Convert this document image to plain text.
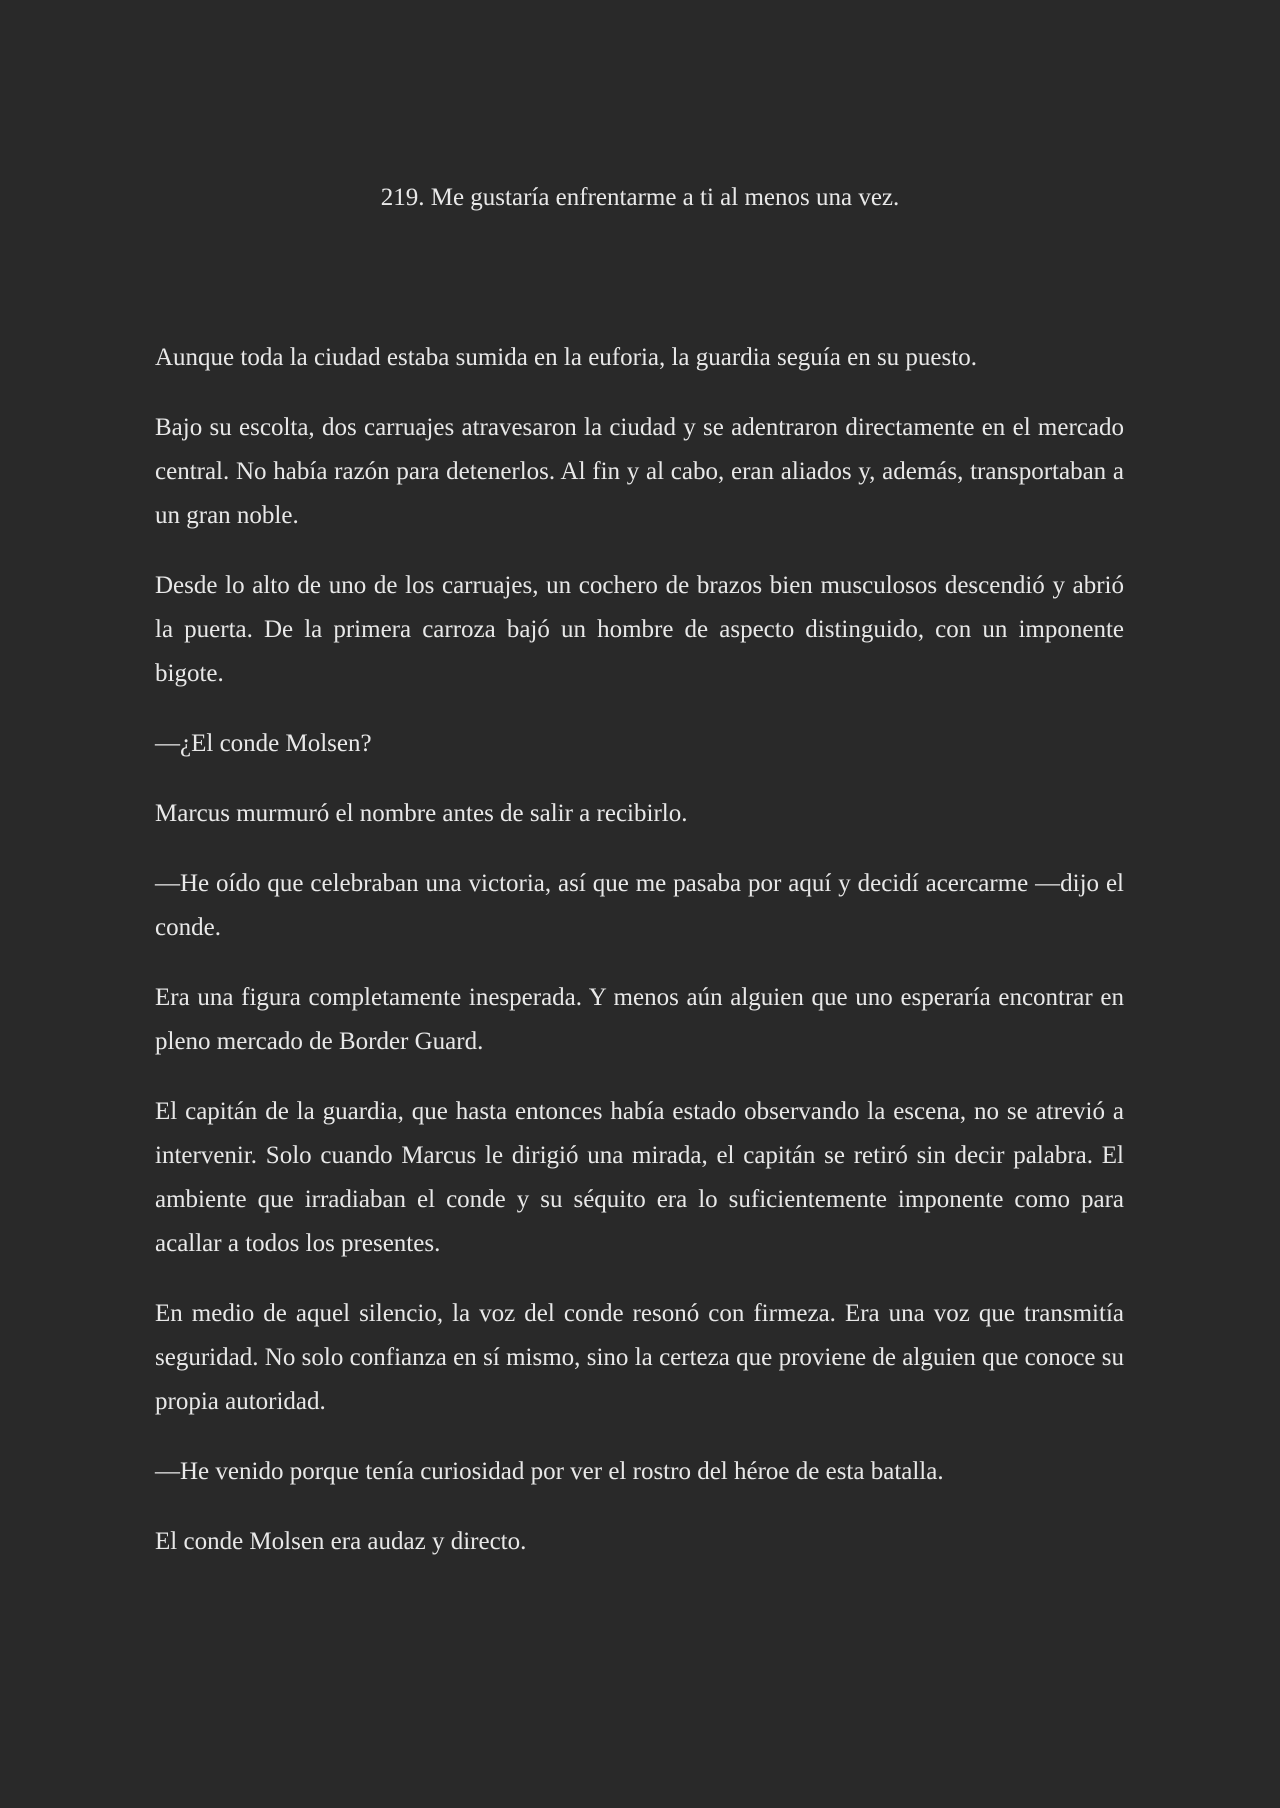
219. Me gustaría enfrentarme a ti al menos una vez.

Aunque toda la ciudad estaba sumida en la euforia, la guardia seguía en su puesto.

Bajo su escolta, dos carruajes atravesaron la ciudad y se adentraron directamente en el mercado central. No había razón para detenerlos. Al fin y al cabo, eran aliados y, además, transportaban a un gran noble.

Desde lo alto de uno de los carruajes, un cochero de brazos bien musculosos descendió y abrió la puerta. De la primera carroza bajó un hombre de aspecto distinguido, con un imponente bigote.

—¿El conde Molsen?

Marcus murmuró el nombre antes de salir a recibirlo.

—He oído que celebraban una victoria, así que me pasaba por aquí y decidí acercarme —dijo el conde.

Era una figura completamente inesperada. Y menos aún alguien que uno esperaría encontrar en pleno mercado de Border Guard.

El capitán de la guardia, que hasta entonces había estado observando la escena, no se atrevió a intervenir. Solo cuando Marcus le dirigió una mirada, el capitán se retiró sin decir palabra. El ambiente que irradiaban el conde y su séquito era lo suficientemente imponente como para acallar a todos los presentes.

En medio de aquel silencio, la voz del conde resonó con firmeza. Era una voz que transmitía seguridad. No solo confianza en sí mismo, sino la certeza que proviene de alguien que conoce su propia autoridad.

—He venido porque tenía curiosidad por ver el rostro del héroe de esta batalla.

El conde Molsen era audaz y directo.
